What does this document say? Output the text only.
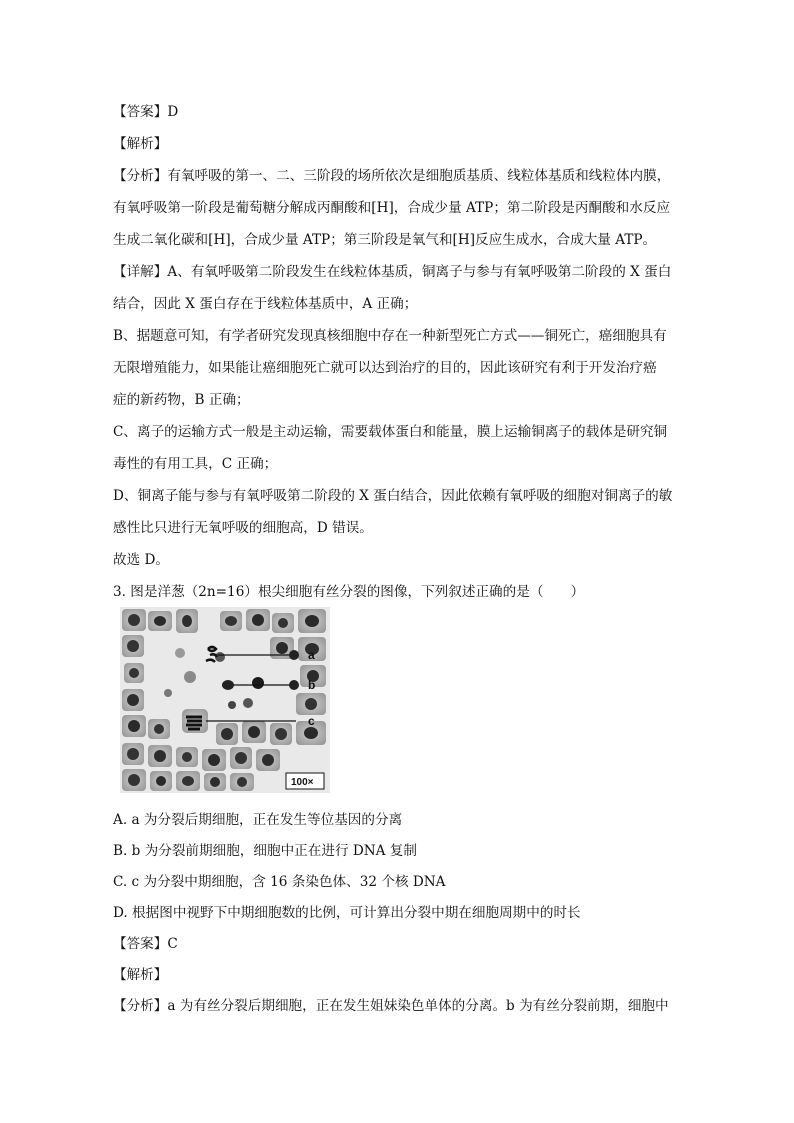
【答案】D
【解析】
【分析】有氧呼吸的第一、二、三阶段的场所依次是细胞质基质、线粒体基质和线粒体内膜，
有氧呼吸第一阶段是葡萄糖分解成丙酮酸和[H]，合成少量 ATP；第二阶段是丙酮酸和水反应
生成二氧化碳和[H]，合成少量 ATP；第三阶段是氧气和[H]反应生成水，合成大量 ATP。
【详解】A、有氧呼吸第二阶段发生在线粒体基质，铜离子与参与有氧呼吸第二阶段的 X 蛋白
结合，因此 X 蛋白存在于线粒体基质中，A 正确；
B、据题意可知，有学者研究发现真核细胞中存在一种新型死亡方式——铜死亡，癌细胞具有
无限增殖能力，如果能让癌细胞死亡就可以达到治疗的目的，因此该研究有利于开发治疗癌
症的新药物，B 正确；
C、离子的运输方式一般是主动运输，需要载体蛋白和能量，膜上运输铜离子的载体是研究铜
毒性的有用工具，C 正确；
D、铜离子能与参与有氧呼吸第二阶段的 X 蛋白结合，因此依赖有氧呼吸的细胞对铜离子的敏
感性比只进行无氧呼吸的细胞高，D 错误。
故选 D。
3. 图是洋葱（2n=16）根尖细胞有丝分裂的图像，下列叙述正确的是（　　）
a
b
c
100×
A. a 为分裂后期细胞，正在发生等位基因的分离
B. b 为分裂前期细胞，细胞中正在进行 DNA 复制
C. c 为分裂中期细胞，含 16 条染色体、32 个核 DNA
D. 根据图中视野下中期细胞数的比例，可计算出分裂中期在细胞周期中的时长
【答案】C
【解析】
【分析】a 为有丝分裂后期细胞，正在发生姐妹染色单体的分离。b 为有丝分裂前期，细胞中
